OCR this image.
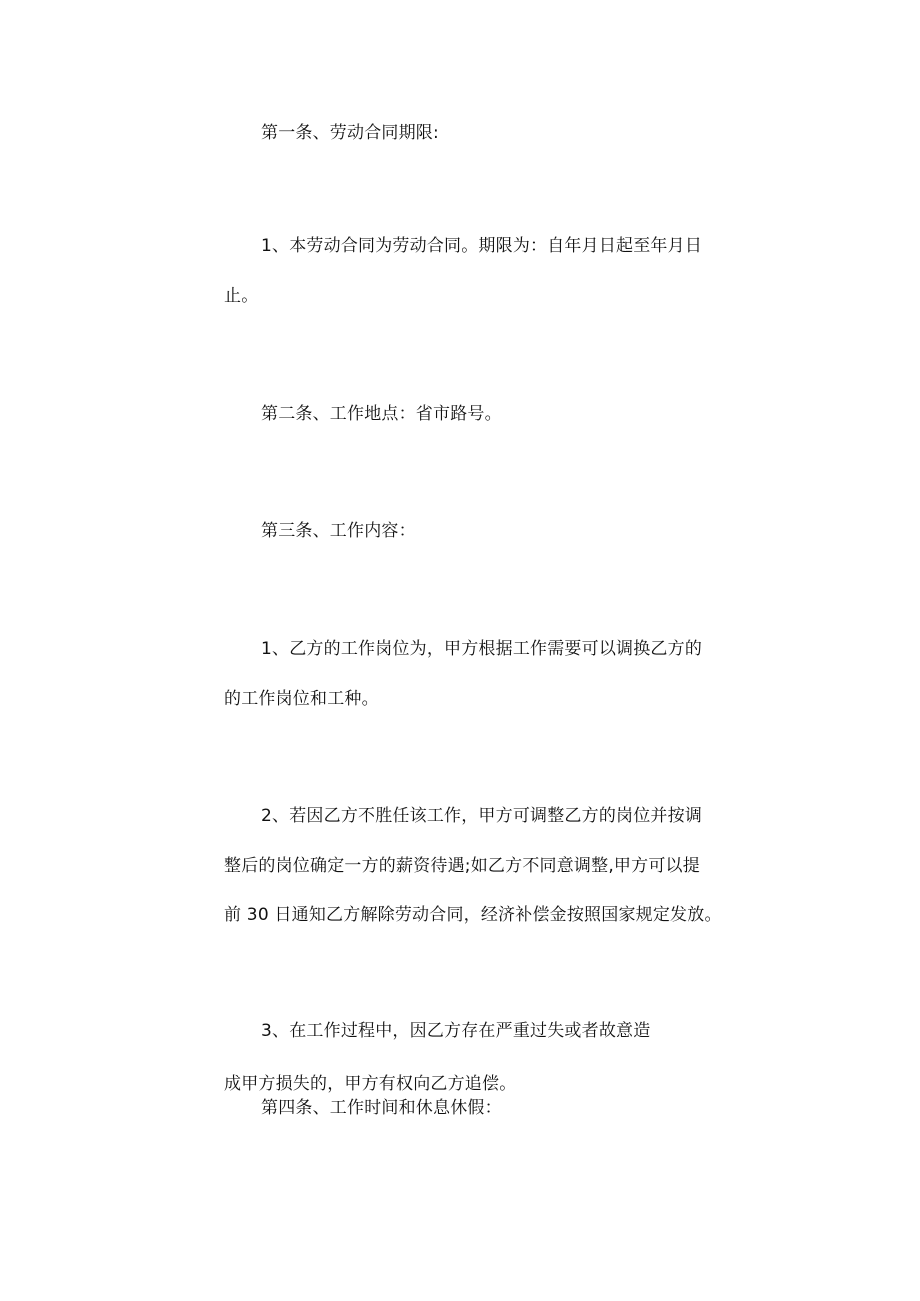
第一条、劳动合同期限:
1、本劳动合同为劳动合同。期限为：自年月日起至年月日
止。
第二条、工作地点：省市路号。
第三条、工作内容：
1、乙方的工作岗位为，甲方根据工作需要可以调换乙方的
的工作岗位和工种。
2、若因乙方不胜任该工作，甲方可调整乙方的岗位并按调
整后的岗位确定一方的薪资待遇;如乙方不同意调整,甲方可以提
前 30 日通知乙方解除劳动合同，经济补偿金按照国家规定发放。
3、在工作过程中，因乙方存在严重过失或者故意造
成甲方损失的，甲方有权向乙方追偿。
第四条、工作时间和休息休假：
